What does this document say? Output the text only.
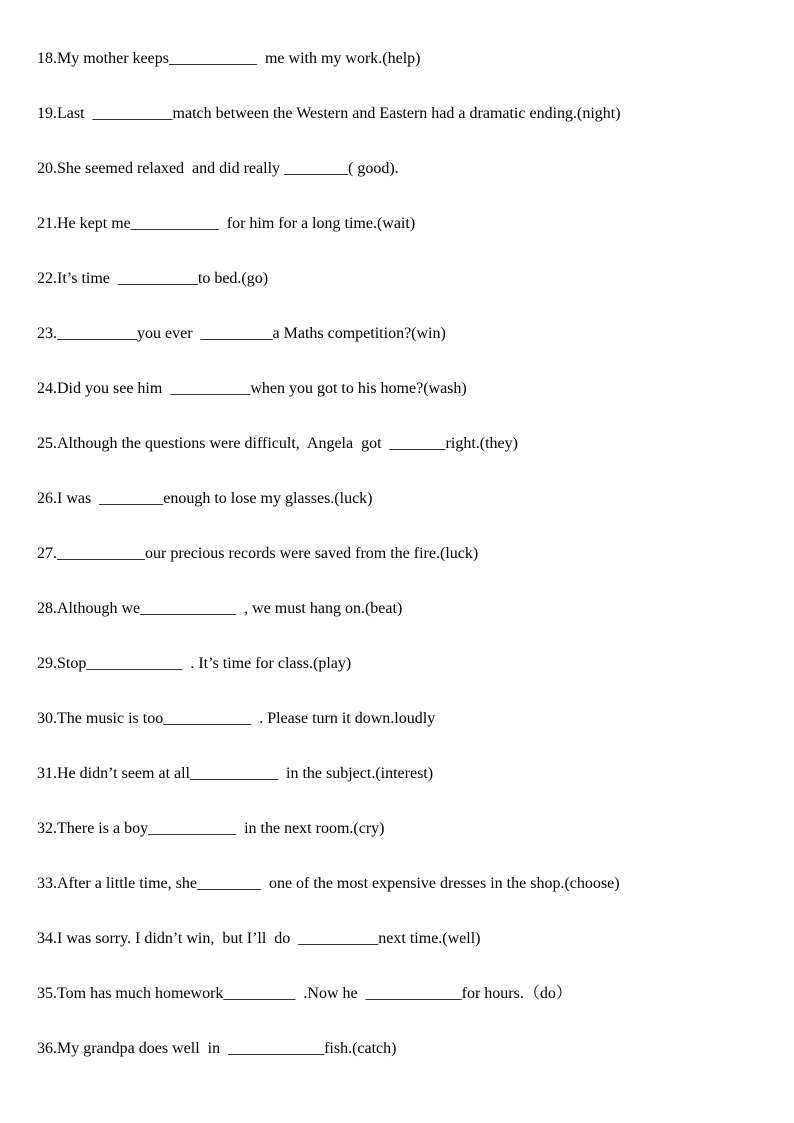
18.My mother keeps___________  me with my work.(help)
19.Last  __________match between the Western and Eastern had a dramatic ending.(night)
20.She seemed relaxed  and did really ________( good).
21.He kept me___________  for him for a long time.(wait)
22.It’s time  __________to bed.(go)
23.__________you ever  _________a Maths competition?(win)
24.Did you see him  __________when you got to his home?(wash)
25.Although the questions were difficult,  Angela  got  _______right.(they)
26.I was  ________enough to lose my glasses.(luck)
27.___________our precious records were saved from the fire.(luck)
28.Although we____________  , we must hang on.(beat)
29.Stop____________  . It’s time for class.(play)
30.The music is too___________  . Please turn it down.loudly
31.He didn’t seem at all___________  in the subject.(interest)
32.There is a boy___________  in the next room.(cry)
33.After a little time, she________  one of the most expensive dresses in the shop.(choose)
34.I was sorry. I didn’t win,  but I’ll  do  __________next time.(well)
35.Tom has much homework_________  .Now he  ____________for hours.（do）
36.My grandpa does well  in  ____________fish.(catch)
